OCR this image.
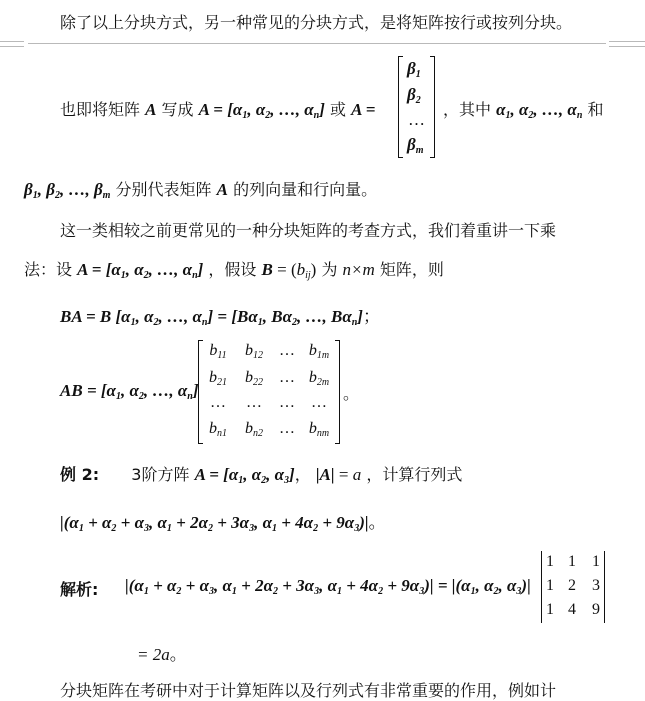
除了以上分块方式，另一种常见的分块方式，是将矩阵按行或按列分块。
也即将矩阵 A 写成 $A = [\alpha_1$, $\alpha_2$, …, $\alpha_n$] 或 A =
$\beta_1$
$\beta_2$
…
$\beta_m$
，其中 $\alpha_1$, $\alpha_2$, …, $\alpha_n$ 和
$\beta_1$, $\beta_2$, …, $\beta_m$ 分别代表矩阵 A 的列向量和行向量。
这一类相较之前更常见的一种分块矩阵的考查方式，我们着重讲一下乘
法：设 $A = [\alpha_1$, $\alpha_2$, …, $\alpha_n$] ，假设 $B = (b_{ij})$ 为 n×m 矩阵，则
BA = B [$\alpha_1$, $\alpha_2$, …, $\alpha_n] = [B\alpha_1$, $B\alpha_2$, …, $B\alpha_n$]；
AB = [$\alpha_1$, $\alpha_2$, …, $\alpha_n$]
$b_{11}$ $b_{12}$ … $b_{1m}$
$b_{21}$ $b_{22}$ … $b_{2m}$
…	…	…	…
$b_{n1}$ $b_{n2}$ … $b_{nm}$
。
例 2: 3阶方阵 $A = [\alpha_1$, $\alpha_2$, $\alpha_3$]， |A| = a ，计算行列式
$|(\alpha_1 + \alpha_2 + \alpha_3$, $\alpha_1 + 2\alpha_2 + 3\alpha_3$, $\alpha_1 + 4\alpha_2 + 9\alpha_3)|$。
解析: $|(\alpha_1 + \alpha_2 + \alpha_3$, $\alpha_1 + 2\alpha_2 + 3\alpha_3$, $\alpha_1 + 4\alpha_2 + 9\alpha_3)| = |(\alpha_1$, $\alpha_2$, $\alpha_3)|$
1 1 1
1 2 3
1 4 9
= 2a。
分块矩阵在考研中对于计算矩阵以及行列式有非常重要的作用，例如计
